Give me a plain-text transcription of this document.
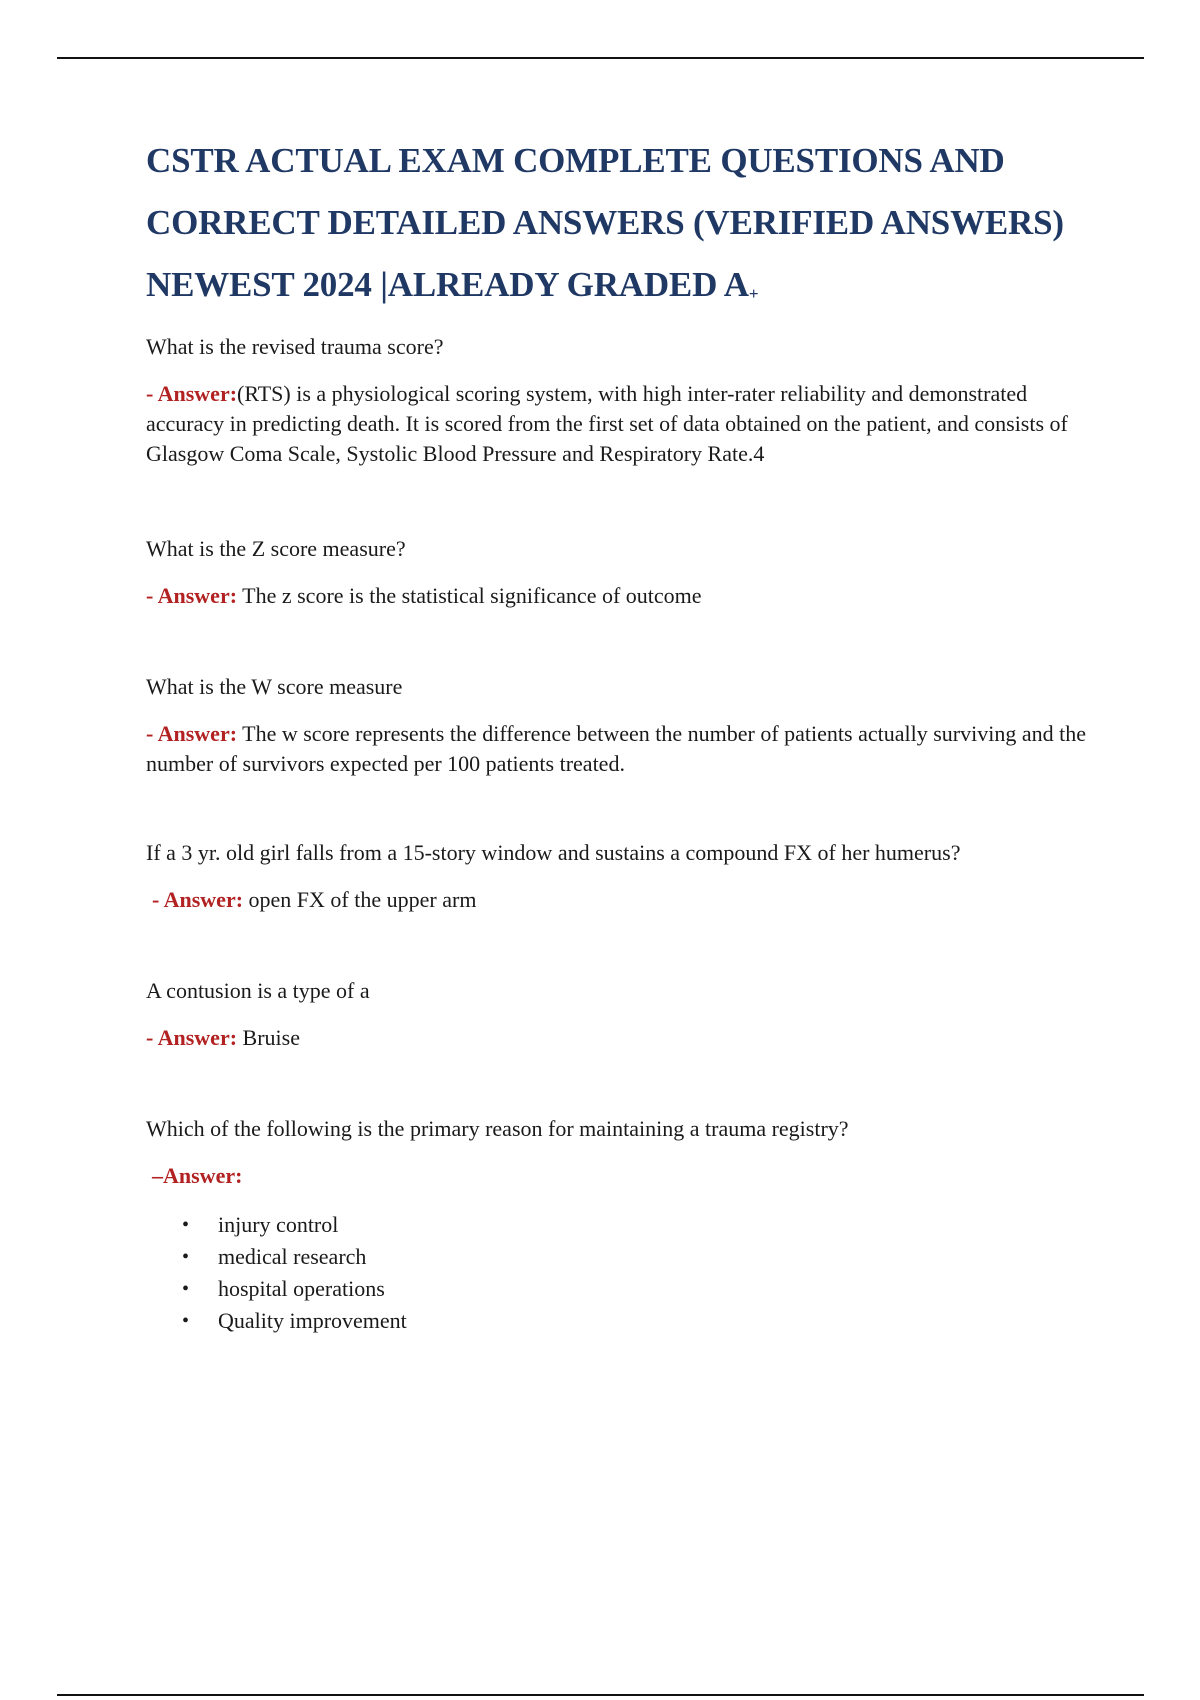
CSTR ACTUAL EXAM COMPLETE QUESTIONS AND CORRECT DETAILED ANSWERS (VERIFIED ANSWERS) NEWEST 2024 |ALREADY GRADED A+

What is the revised trauma score?

- Answer:(RTS) is a physiological scoring system, with high inter-rater reliability and demonstrated accuracy in predicting death. It is scored from the first set of data obtained on the patient, and consists of Glasgow Coma Scale, Systolic Blood Pressure and Respiratory Rate.4

What is the Z score measure?

- Answer: The z score is the statistical significance of outcome

What is the W score measure

- Answer: The w score represents the difference between the number of patients actually surviving and the number of survivors expected per 100 patients treated.

If a 3 yr. old girl falls from a 15-story window and sustains a compound FX of her humerus?

- Answer: open FX of the upper arm

A contusion is a type of a

- Answer: Bruise

Which of the following is the primary reason for maintaining a trauma registry?

–Answer:

• injury control
• medical research
• hospital operations
• Quality improvement
